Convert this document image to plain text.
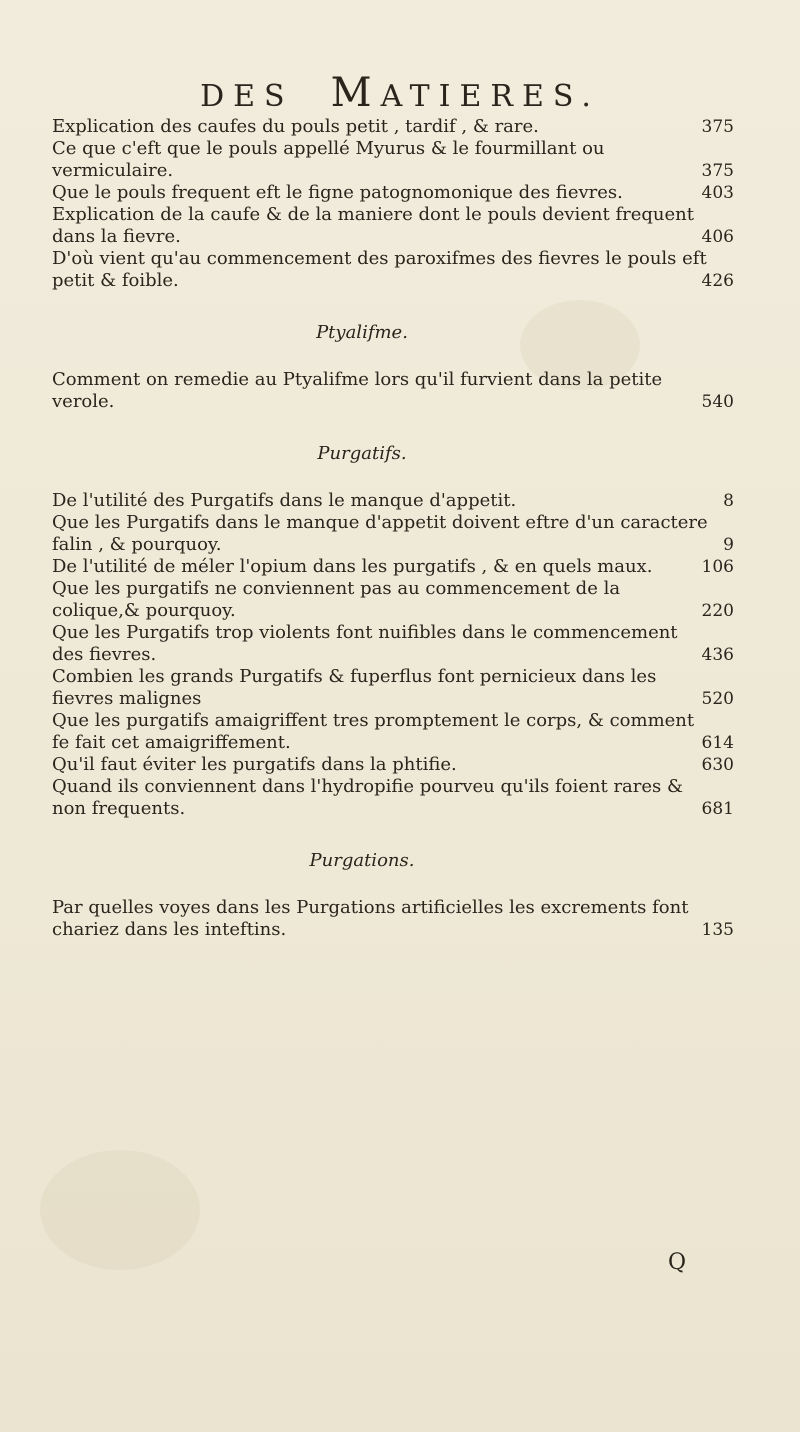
DES MATIERES.
Explication des caufes du pouls petit , tardif , & rare.	375
Ce que c'eft que le pouls appellé Myurus & le fourmillant ou vermiculaire.	375
Que le pouls frequent eft le figne patognomonique des fievres.	403
Explication de la caufe & de la maniere dont le pouls devient frequent dans la fievre.	406
D'où vient qu'au commencement des paroxifmes des fievres le pouls eft petit & foible.	426
Ptyalifme.
Comment on remedie au Ptyalifme lors qu'il furvient dans la petite verole.	540
Purgatifs.
De l'utilité des Purgatifs dans le manque d'appetit.	8
Que les Purgatifs dans le manque d'appetit doivent eftre d'un caractere falin , & pourquoy.	9
De l'utilité de méler l'opium dans les purgatifs , & en quels maux.	106
Que les purgatifs ne conviennent pas au commencement de la colique,& pourquoy.	220
Que les Purgatifs trop violents font nuifibles dans le commencement des fievres.	436
Combien les grands Purgatifs & fuperflus font pernicieux dans les fievres malignes	520
Que les purgatifs amaigriffent tres promptement le corps, & comment fe fait cet amaigriffement.	614
Qu'il faut éviter les purgatifs dans la phtifie.	630
Quand ils conviennent dans l'hydropifie pourveu qu'ils foient rares & non frequents.	681
Purgations.
Par quelles voyes dans les Purgations artificielles les excrements font chariez dans les inteftins.	135
Q
